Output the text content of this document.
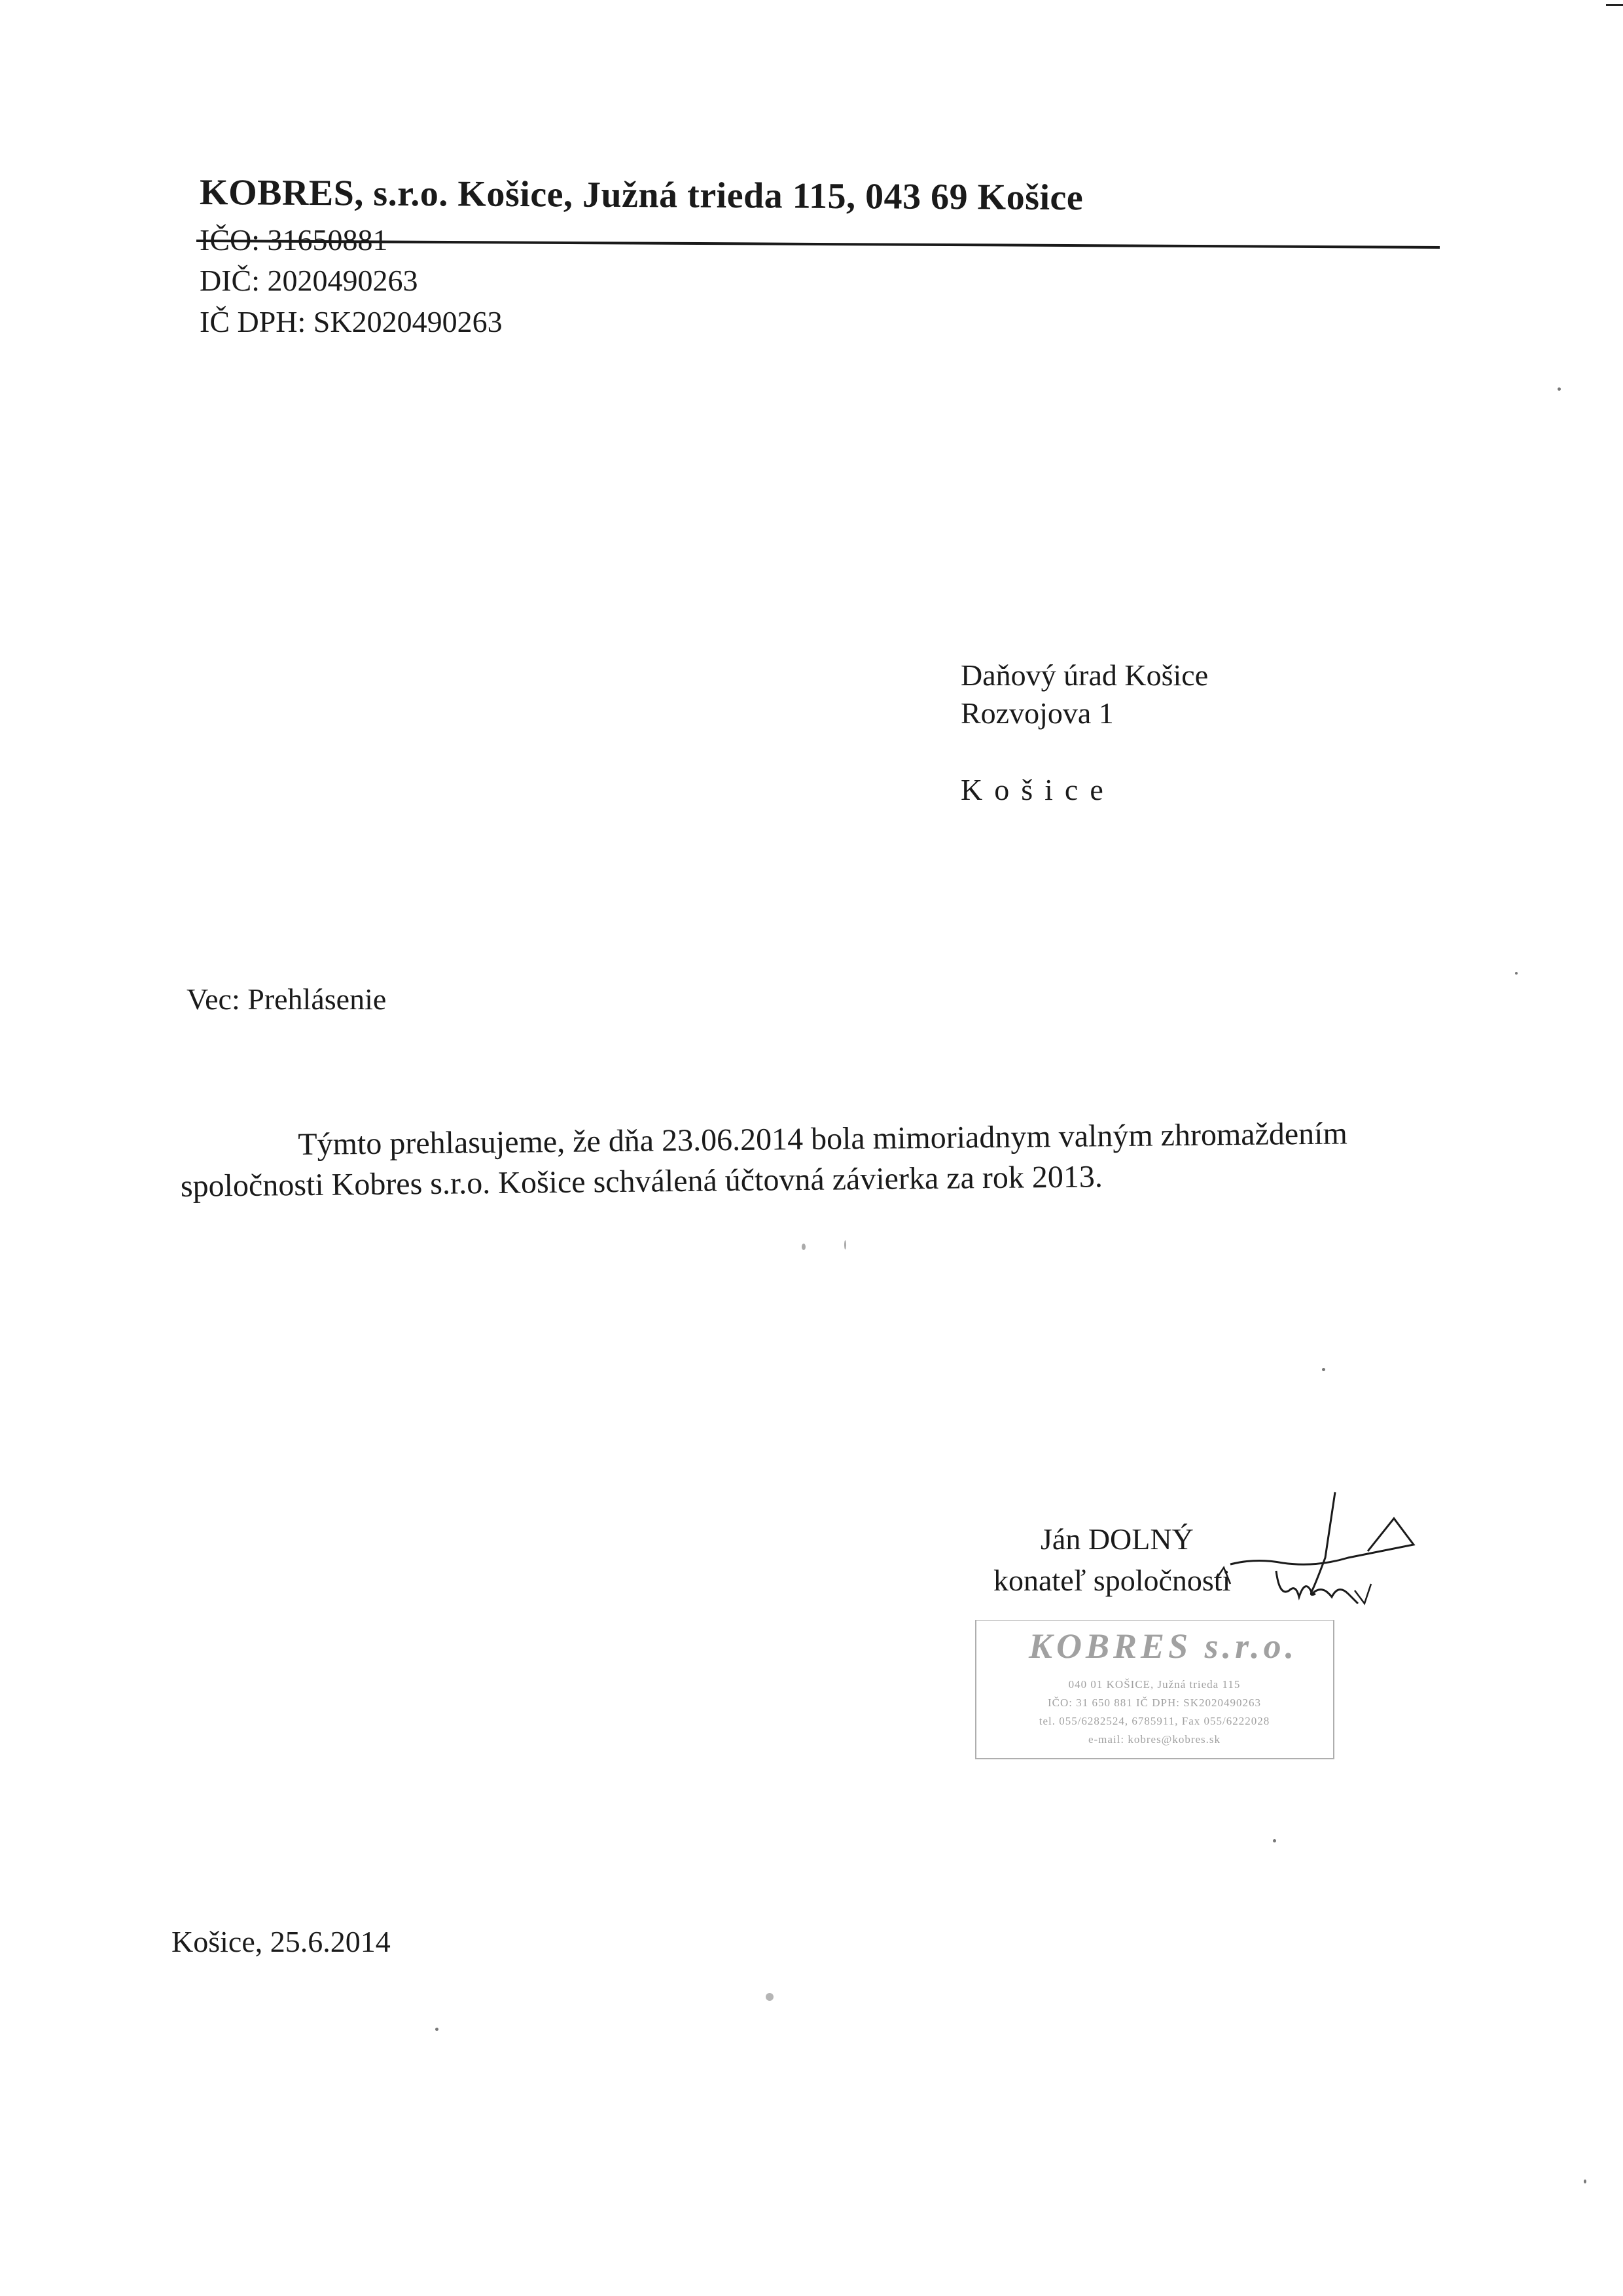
KOBRES, s.r.o. Košice, Južná trieda 115, 043 69 Košice
IČO: 31650881
DIČ: 2020490263
IČ DPH: SK2020490263
Daňový úrad Košice
Rozvojova 1
Košice
Vec: Prehlásenie

Týmto prehlasujeme, že dňa 23.06.2014 bola mimoriadnym valným zhromaždením spoločnosti Kobres s.r.o. Košice schválená účtovná závierka za rok 2013.

Ján DOLNÝ
konateľ spoločnosti
KOBRES s.r.o.
040 01 KOŠICE, Južná trieda 115
IČO: 31 650 881 IČ DPH: SK2020490263
tel. 055/6282524, 6785911, Fax 055/6222028
e-mail: kobres@kobres.sk
Košice, 25.6.2014
